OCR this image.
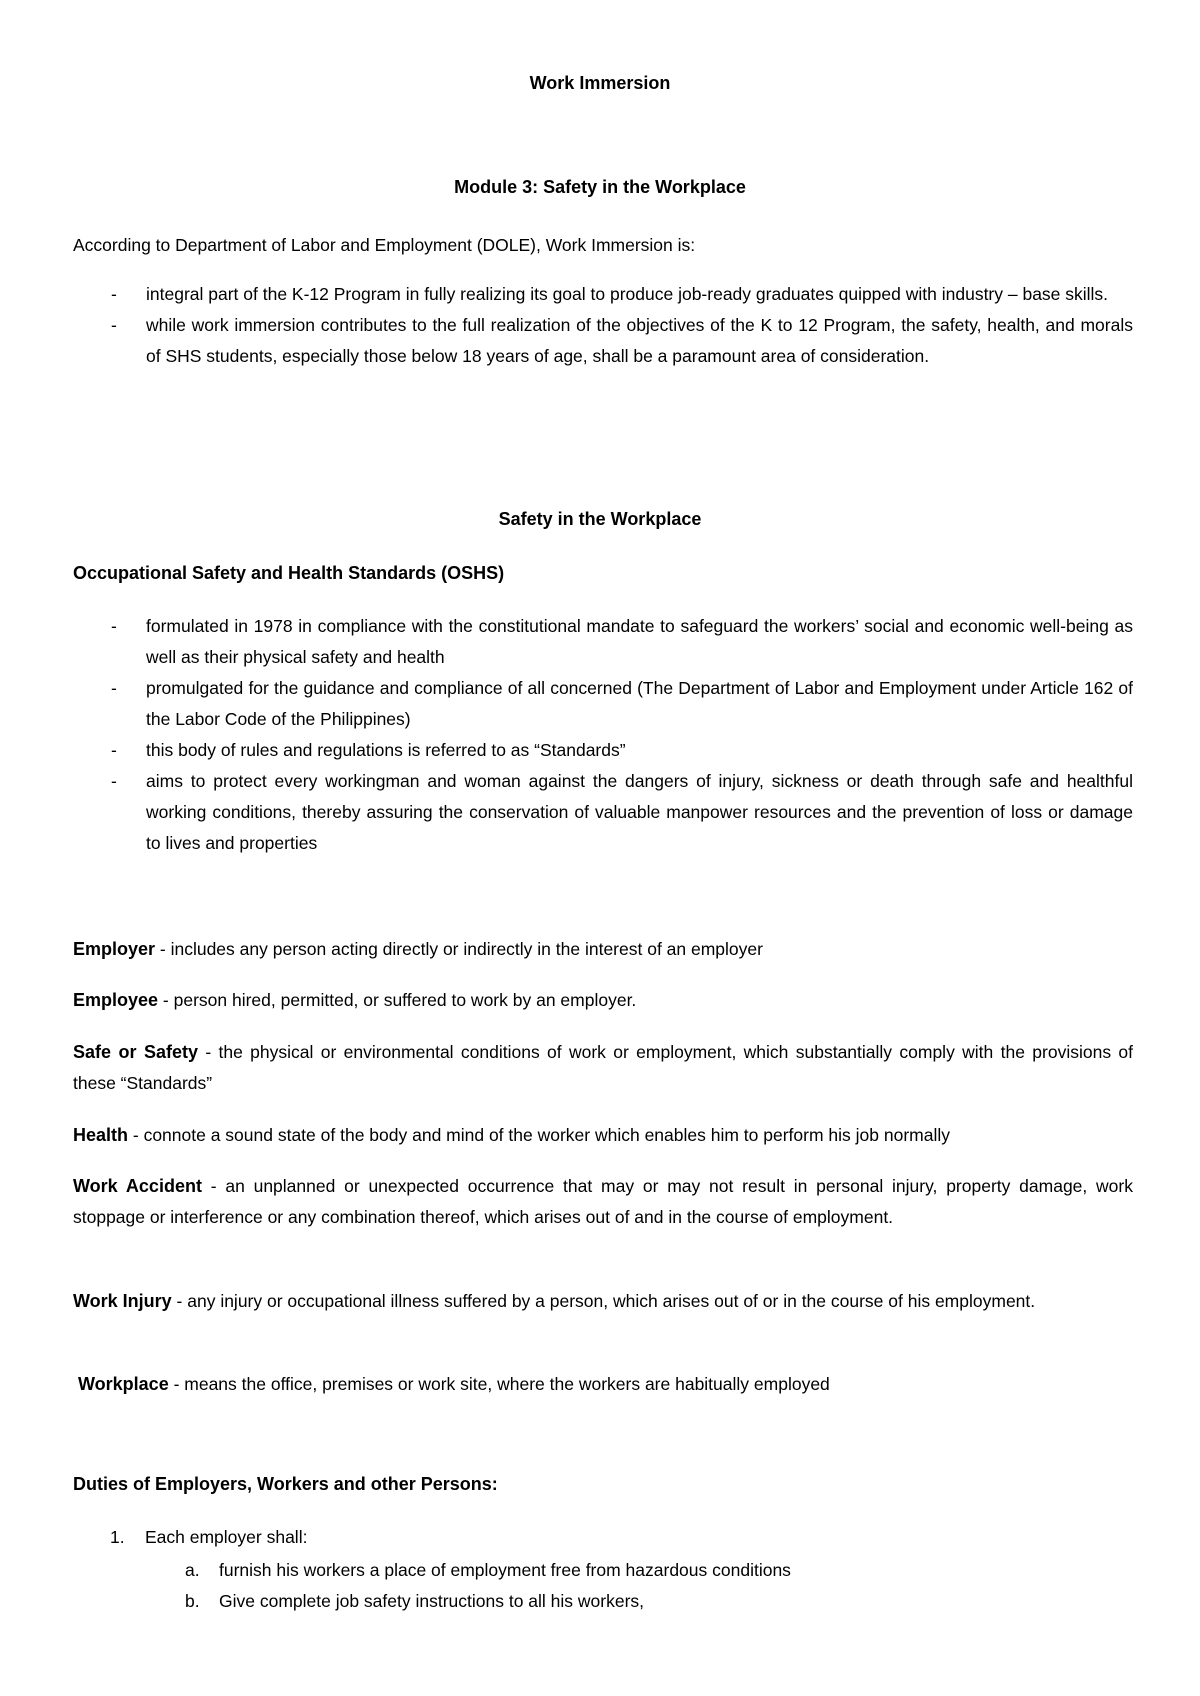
Work Immersion
Module 3: Safety in the Workplace
According to Department of Labor and Employment (DOLE), Work Immersion is:
- integral part of the K-12 Program in fully realizing its goal to produce job-ready graduates quipped with industry – base skills.
- while work immersion contributes to the full realization of the objectives of the K to 12 Program, the safety, health, and morals of SHS students, especially those below 18 years of age, shall be a paramount area of consideration.
Safety in the Workplace
Occupational Safety and Health Standards (OSHS)
- formulated in 1978 in compliance with the constitutional mandate to safeguard the workers’ social and economic well-being as well as their physical safety and health
- promulgated for the guidance and compliance of all concerned (The Department of Labor and Employment under Article 162 of the Labor Code of the Philippines)
- this body of rules and regulations is referred to as “Standards”
- aims to protect every workingman and woman against the dangers of injury, sickness or death through safe and healthful working conditions, thereby assuring the conservation of valuable manpower resources and the prevention of loss or damage to lives and properties
Employer - includes any person acting directly or indirectly in the interest of an employer
Employee - person hired, permitted, or suffered to work by an employer.
Safe or Safety - the physical or environmental conditions of work or employment, which substantially comply with the provisions of these “Standards”
Health - connote a sound state of the body and mind of the worker which enables him to perform his job normally
Work Accident - an unplanned or unexpected occurrence that may or may not result in personal injury, property damage, work stoppage or interference or any combination thereof, which arises out of and in the course of employment.
Work Injury - any injury or occupational illness suffered by a person, which arises out of or in the course of his employment.
Workplace - means the office, premises or work site, where the workers are habitually employed
Duties of Employers, Workers and other Persons:
1. Each employer shall:
a. furnish his workers a place of employment free from hazardous conditions
b. Give complete job safety instructions to all his workers,
